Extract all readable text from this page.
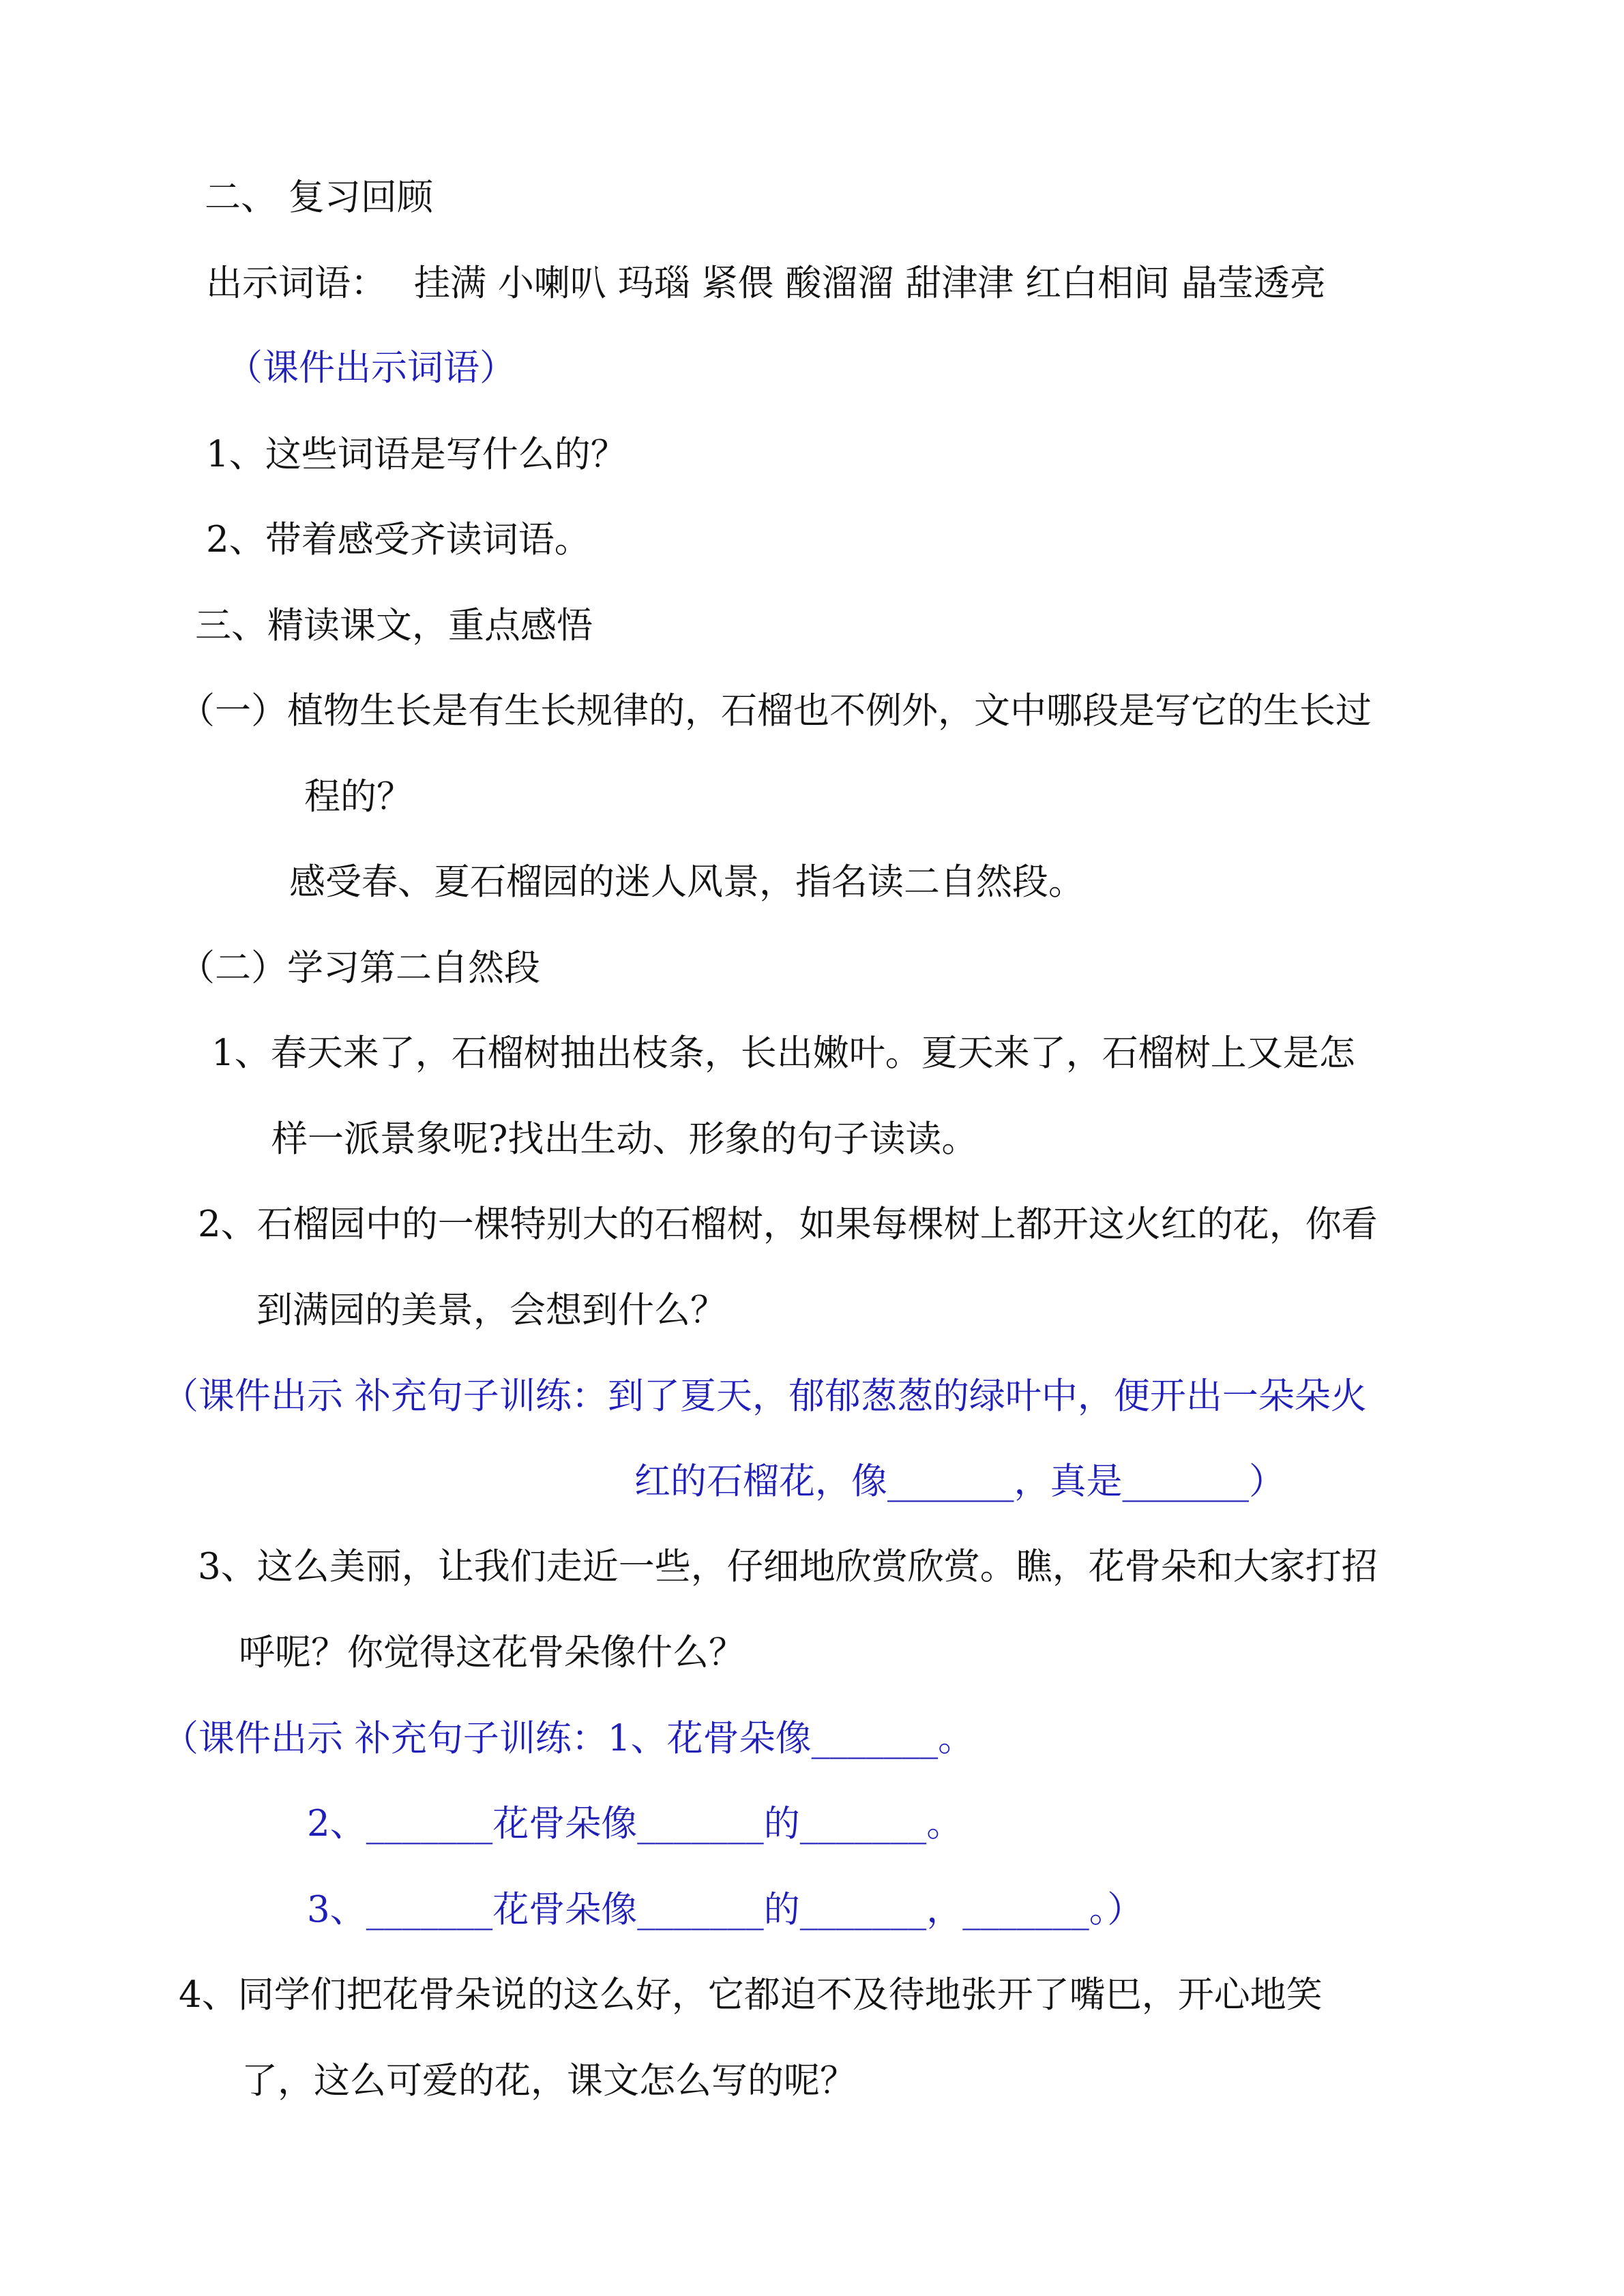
二、 复习回顾
出示词语： 挂满 小喇叭 玛瑙 紧偎 酸溜溜 甜津津 红白相间 晶莹透亮
（课件出示词语）
1、这些词语是写什么的？
2、带着感受齐读词语。
三、精读课文，重点感悟
（一）植物生长是有生长规律的，石榴也不例外，文中哪段是写它的生长过
程的？
感受春、夏石榴园的迷人风景，指名读二自然段。
（二）学习第二自然段
1、春天来了，石榴树抽出枝条，长出嫩叶。夏天来了，石榴树上又是怎
样一派景象呢?找出生动、形象的句子读读。
2、石榴园中的一棵特别大的石榴树，如果每棵树上都开这火红的花，你看
到满园的美景，会想到什么？
（课件出示 补充句子训练：到了夏天，郁郁葱葱的绿叶中，便开出一朵朵火
红的石榴花，像_______，真是_______）
3、这么美丽，让我们走近一些，仔细地欣赏欣赏。瞧，花骨朵和大家打招
呼呢？你觉得这花骨朵像什么？
（课件出示 补充句子训练：1、花骨朵像_______。
2、_______花骨朵像_______的_______。
3、_______花骨朵像_______的_______，_______。）
4、同学们把花骨朵说的这么好，它都迫不及待地张开了嘴巴，开心地笑
了，这么可爱的花，课文怎么写的呢？
